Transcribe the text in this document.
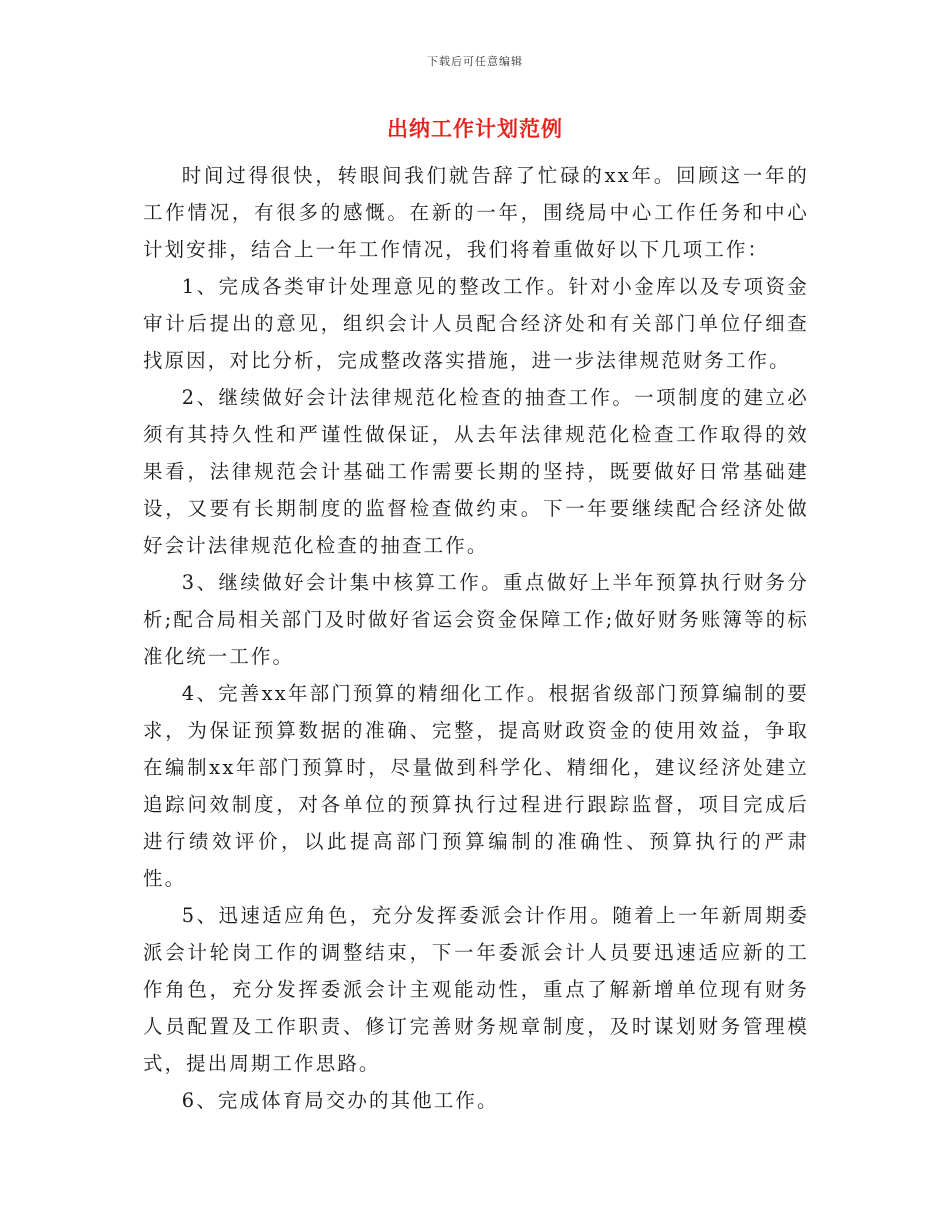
下载后可任意编辑
出纳工作计划范例

时间过得很快，转眼间我们就告辞了忙碌的xx年。回顾这一年的工作情况，有很多的感慨。在新的一年，围绕局中心工作任务和中心计划安排，结合上一年工作情况，我们将着重做好以下几项工作：

1、完成各类审计处理意见的整改工作。针对小金库以及专项资金审计后提出的意见，组织会计人员配合经济处和有关部门单位仔细查找原因，对比分析，完成整改落实措施，进一步法律规范财务工作。

2、继续做好会计法律规范化检查的抽查工作。一项制度的建立必须有其持久性和严谨性做保证，从去年法律规范化检查工作取得的效果看，法律规范会计基础工作需要长期的坚持，既要做好日常基础建设，又要有长期制度的监督检查做约束。下一年要继续配合经济处做好会计法律规范化检查的抽查工作。

3、继续做好会计集中核算工作。重点做好上半年预算执行财务分析;配合局相关部门及时做好省运会资金保障工作;做好财务账簿等的标准化统一工作。

4、完善xx年部门预算的精细化工作。根据省级部门预算编制的要求，为保证预算数据的准确、完整，提高财政资金的使用效益，争取在编制xx年部门预算时，尽量做到科学化、精细化，建议经济处建立追踪问效制度，对各单位的预算执行过程进行跟踪监督，项目完成后进行绩效评价，以此提高部门预算编制的准确性、预算执行的严肃性。

5、迅速适应角色，充分发挥委派会计作用。随着上一年新周期委派会计轮岗工作的调整结束，下一年委派会计人员要迅速适应新的工作角色，充分发挥委派会计主观能动性，重点了解新增单位现有财务人员配置及工作职责、修订完善财务规章制度，及时谋划财务管理模式，提出周期工作思路。

6、完成体育局交办的其他工作。
